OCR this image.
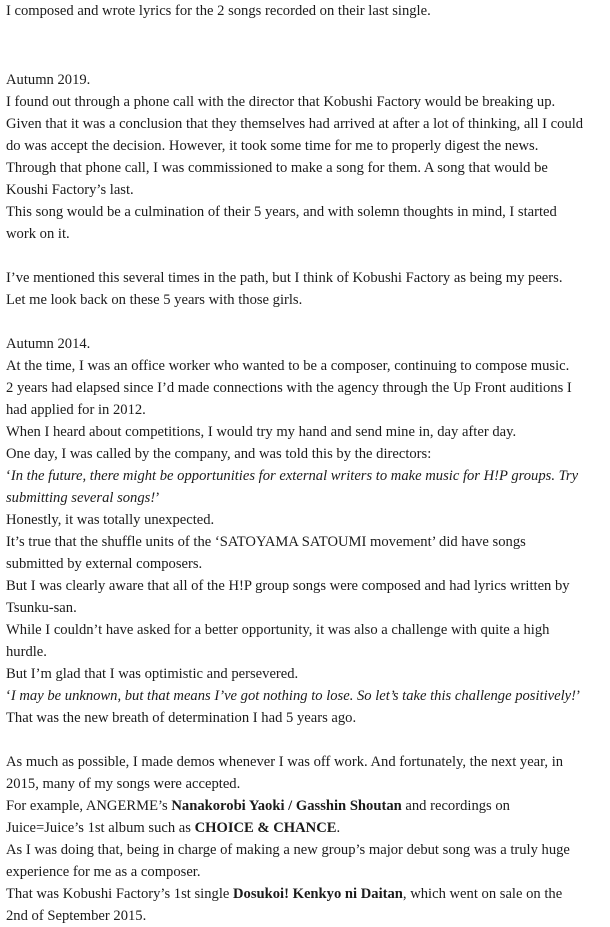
I composed and wrote lyrics for the 2 songs recorded on their last single.
Autumn 2019.
I found out through a phone call with the director that Kobushi Factory would be breaking up.
Given that it was a conclusion that they themselves had arrived at after a lot of thinking, all I could
do was accept the decision. However, it took some time for me to properly digest the news.
Through that phone call, I was commissioned to make a song for them. A song that would be
Koushi Factory’s last.
This song would be a culmination of their 5 years, and with solemn thoughts in mind, I started
work on it.
I’ve mentioned this several times in the path, but I think of Kobushi Factory as being my peers.
Let me look back on these 5 years with those girls.
Autumn 2014.
At the time, I was an office worker who wanted to be a composer, continuing to compose music.
2 years had elapsed since I’d made connections with the agency through the Up Front auditions I
had applied for in 2012.
When I heard about competitions, I would try my hand and send mine in, day after day.
One day, I was called by the company, and was told this by the directors:
‘In the future, there might be opportunities for external writers to make music for H!P groups. Try
submitting several songs!’
Honestly, it was totally unexpected.
It’s true that the shuffle units of the ‘SATOYAMA SATOUMI movement’ did have songs
submitted by external composers.
But I was clearly aware that all of the H!P group songs were composed and had lyrics written by
Tsunku-san.
While I couldn’t have asked for a better opportunity, it was also a challenge with quite a high
hurdle.
But I’m glad that I was optimistic and persevered.
‘I may be unknown, but that means I’ve got nothing to lose. So let’s take this challenge positively!’
That was the new breath of determination I had 5 years ago.
As much as possible, I made demos whenever I was off work. And fortunately, the next year, in
2015, many of my songs were accepted.
For example, ANGERME’s Nanakorobi Yaoki / Gasshin Shoutan and recordings on
Juice=Juice’s 1st album such as CHOICE & CHANCE.
As I was doing that, being in charge of making a new group’s major debut song was a truly huge
experience for me as a composer.
That was Kobushi Factory’s 1st single Dosukoi! Kenkyo ni Daitan, which went on sale on the
2nd of September 2015.
